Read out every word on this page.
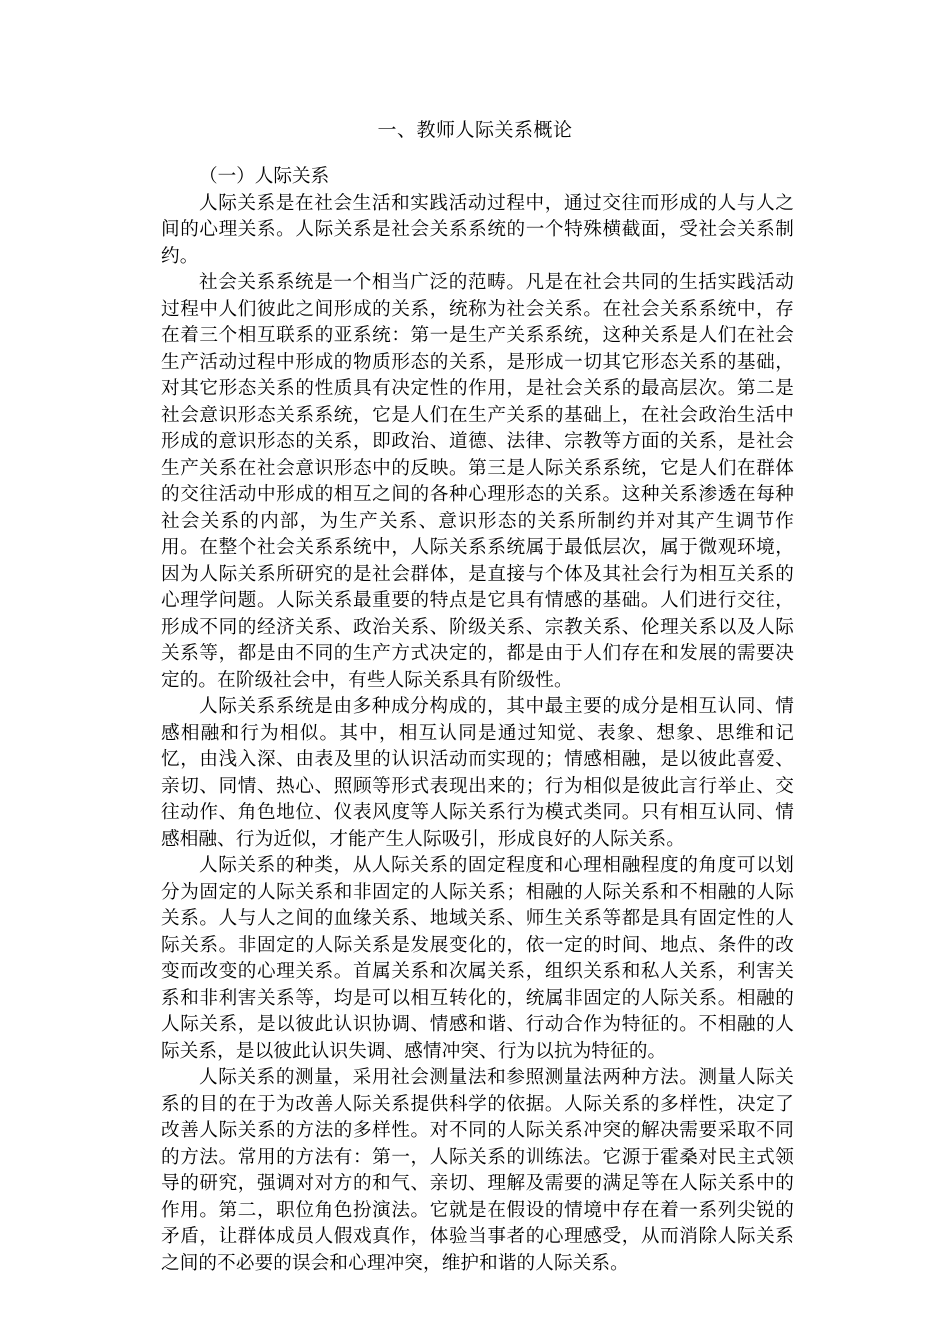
一、教师人际关系概论
（一）人际关系

人际关系是在社会生活和实践活动过程中，通过交往而形成的人与人之间的心理关系。人际关系是社会关系系统的一个特殊横截面，受社会关系制约。

社会关系系统是一个相当广泛的范畴。凡是在社会共同的生括实践活动过程中人们彼此之间形成的关系，统称为社会关系。在社会关系系统中，存在着三个相互联系的亚系统：第一是生产关系系统，这种关系是人们在社会生产活动过程中形成的物质形态的关系，是形成一切其它形态关系的基础，对其它形态关系的性质具有决定性的作用，是社会关系的最高层次。第二是社会意识形态关系系统，它是人们在生产关系的基础上，在社会政治生活中形成的意识形态的关系，即政治、道德、法律、宗教等方面的关系，是社会生产关系在社会意识形态中的反映。第三是人际关系系统，它是人们在群体的交往活动中形成的相互之间的各种心理形态的关系。这种关系渗透在每种社会关系的内部，为生产关系、意识形态的关系所制约并对其产生调节作用。在整个社会关系系统中，人际关系系统属于最低层次，属于微观环境，因为人际关系所研究的是社会群体，是直接与个体及其社会行为相互关系的心理学问题。人际关系最重要的特点是它具有情感的基础。人们进行交往，形成不同的经济关系、政治关系、阶级关系、宗教关系、伦理关系以及人际关系等，都是由不同的生产方式决定的，都是由于人们存在和发展的需要决定的。在阶级社会中，有些人际关系具有阶级性。

人际关系系统是由多种成分构成的，其中最主要的成分是相互认同、情感相融和行为相似。其中，相互认同是通过知觉、表象、想象、思维和记忆，由浅入深、由表及里的认识活动而实现的；情感相融，是以彼此喜爱、亲切、同情、热心、照顾等形式表现出来的；行为相似是彼此言行举止、交往动作、角色地位、仪表风度等人际关系行为模式类同。只有相互认同、情感相融、行为近似，才能产生人际吸引，形成良好的人际关系。

人际关系的种类，从人际关系的固定程度和心理相融程度的角度可以划分为固定的人际关系和非固定的人际关系；相融的人际关系和不相融的人际关系。人与人之间的血缘关系、地域关系、师生关系等都是具有固定性的人际关系。非固定的人际关系是发展变化的，依一定的时间、地点、条件的改变而改变的心理关系。首属关系和次属关系，组织关系和私人关系，利害关系和非利害关系等，均是可以相互转化的，统属非固定的人际关系。相融的人际关系，是以彼此认识协调、情感和谐、行动合作为特征的。不相融的人际关系，是以彼此认识失调、感情冲突、行为以抗为特征的。

人际关系的测量，采用社会测量法和参照测量法两种方法。测量人际关系的目的在于为改善人际关系提供科学的依据。人际关系的多样性，决定了改善人际关系的方法的多样性。对不同的人际关系冲突的解决需要采取不同的方法。常用的方法有：第一，人际关系的训练法。它源于霍桑对民主式领导的研究，强调对对方的和气、亲切、理解及需要的满足等在人际关系中的作用。第二，职位角色扮演法。它就是在假设的情境中存在着一系列尖锐的矛盾，让群体成员人假戏真作，体验当事者的心理感受，从而消除人际关系之间的不必要的误会和心理冲突，维护和谐的人际关系。
